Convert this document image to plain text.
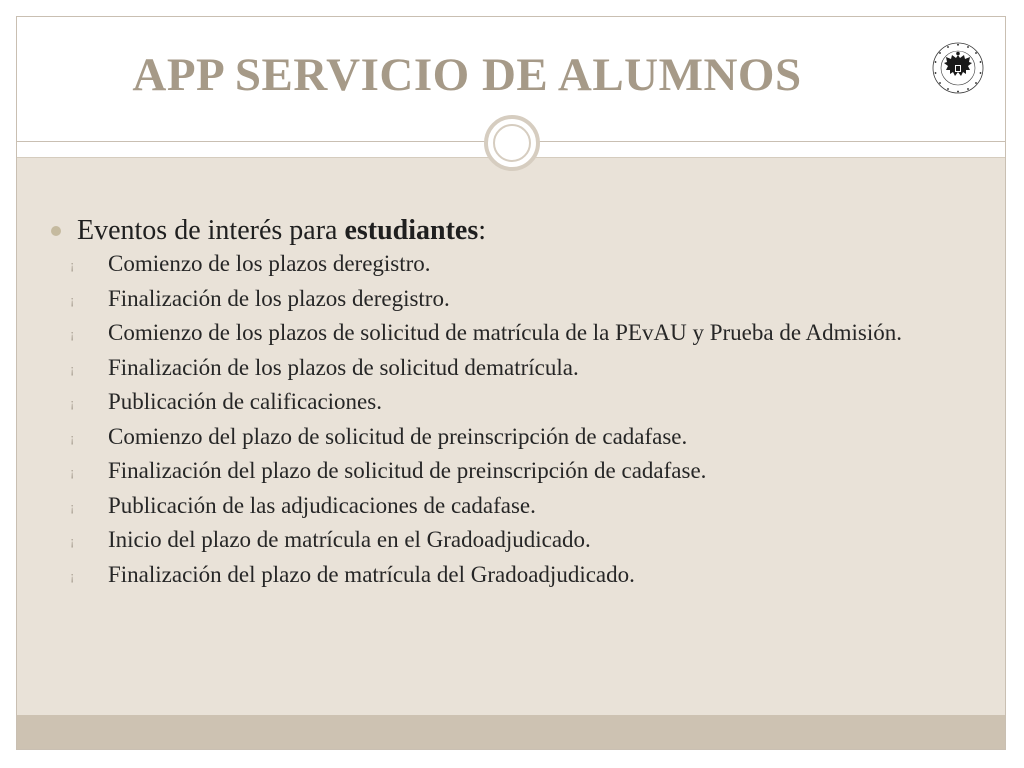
APP SERVICIO DE ALUMNOS
Eventos de interés para estudiantes:
¡ Comienzo de los plazos deregistro.
¡ Finalización de los plazos deregistro.
¡ Comienzo de los plazos de solicitud de matrícula de la PEvAU y Prueba de Admisión.
¡ Finalización de los plazos de solicitud dematrícula.
¡ Publicación de calificaciones.
¡ Comienzo del plazo de solicitud de preinscripción de cadafase.
¡ Finalización del plazo de solicitud de preinscripción de cadafase.
¡ Publicación de las adjudicaciones de cadafase.
¡ Inicio del plazo de matrícula en el Gradoadjudicado.
¡ Finalización del plazo de matrícula del Gradoadjudicado.
